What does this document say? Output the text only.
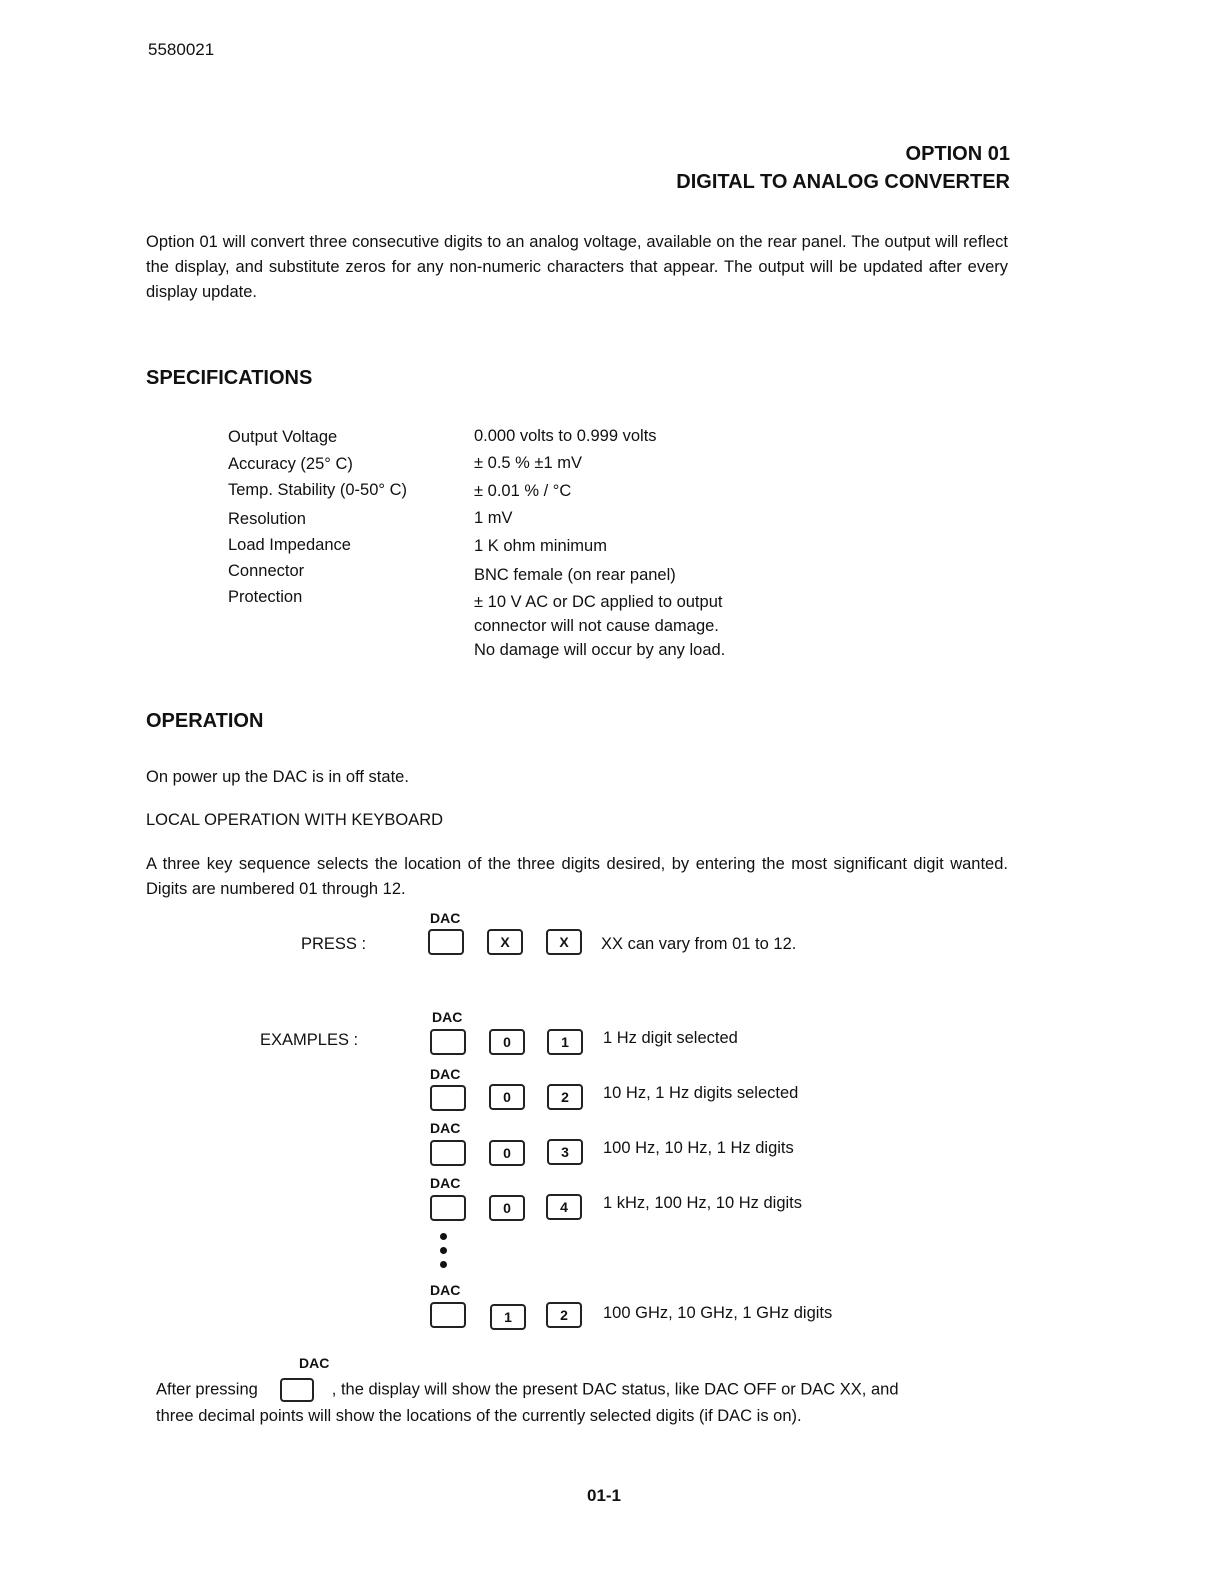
5580021
OPTION 01
DIGITAL TO ANALOG CONVERTER
Option 01 will convert three consecutive digits to an analog voltage, available on the rear panel. The output will reflect the display, and substitute zeros for any non-numeric characters that appear. The output will be updated after every display update.
SPECIFICATIONS
Output Voltage	0.000 volts to 0.999 volts
Accuracy (25° C)	± 0.5 % ±1 mV
Temp. Stability (0-50° C)	± 0.01 % / °C
Resolution	1 mV
Load Impedance	1 K ohm minimum
Connector	BNC female (on rear panel)
Protection	± 10 V AC or DC applied to output
connector will not cause damage.
No damage will occur by any load.
OPERATION
On power up the DAC is in off state.
LOCAL OPERATION WITH KEYBOARD
A three key sequence selects the location of the three digits desired, by entering the most significant digit wanted. Digits are numbered 01 through 12.
PRESS :
DAC
X	X	XX can vary from 01 to 12.
EXAMPLES :
DAC
0	1	1 Hz digit selected
DAC
0	2	10 Hz, 1 Hz digits selected
DAC
0	3	100 Hz, 10 Hz, 1 Hz digits
DAC
0	4	1 kHz, 100 Hz, 10 Hz digits
DAC
1	2	100 GHz, 10 GHz, 1 GHz digits
DAC
After pressing	, the display will show the present DAC status, like DAC OFF or DAC XX, and
three decimal points will show the locations of the currently selected digits (if DAC is on).
01-1
